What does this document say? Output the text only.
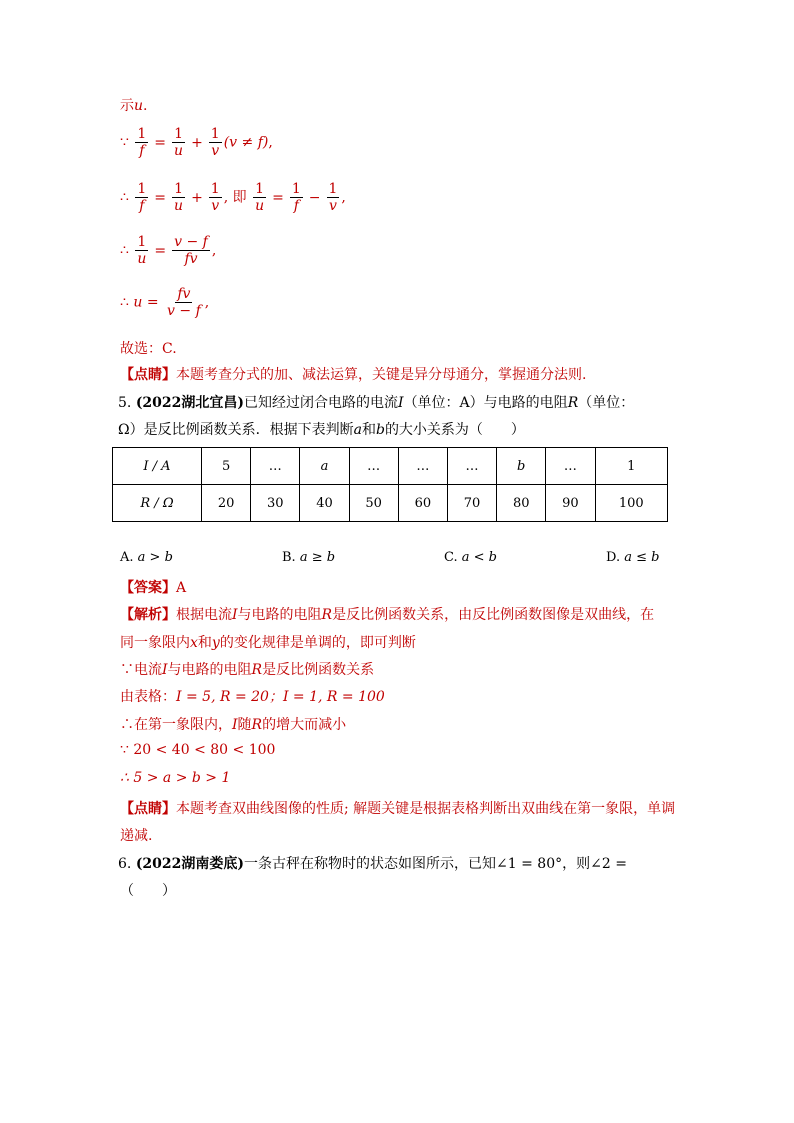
示u.
∵ $\frac{1}{f} = \frac{1}{u} + \frac{1}{v} (v \ne f)$,
∴ $\frac{1}{f} = \frac{1}{u} + \frac{1}{v}$ , 即 $\frac{1}{u} = \frac{1}{f} - \frac{1}{v}$ ,
∴ $\frac{1}{u} = \frac{v - f}{fv}$ ,
∴ $u = \frac{fv}{v - f}$ ,
故选：C.
【点睛】本题考查分式的加、减法运算，关键是异分母通分，掌握通分法则.
5. (2022湖北宜昌)已知经过闭合电路的电流I（单位：A）与电路的电阻R（单位：
Ω）是反比例函数关系．根据下表判断a和b的大小关系为（　　）
I / A	5	…	a	…	…	…	b	…	1
R / Ω	20	30	40	50	60	70	80	90	100
A. a > b	B. a ≥ b	C. a < b	D. a ≤ b
【答案】A
【解析】根据电流I与电路的电阻R是反比例函数关系，由反比例函数图像是双曲线，在
同一象限内x和y的变化规律是单调的，即可判断
∵电流I与电路的电阻R是反比例函数关系
由表格：I = 5, R = 20；I = 1, R = 100
∴在第一象限内，I随R的增大而减小
∵ 20 < 40 < 80 < 100
∴ 5 > a > b > 1
【点睛】本题考查双曲线图像的性质; 解题关键是根据表格判断出双曲线在第一象限，单调
递减.
6. (2022湖南娄底)一条古秤在称物时的状态如图所示，已知∠1 = 80°，则∠2 =
（　　）
